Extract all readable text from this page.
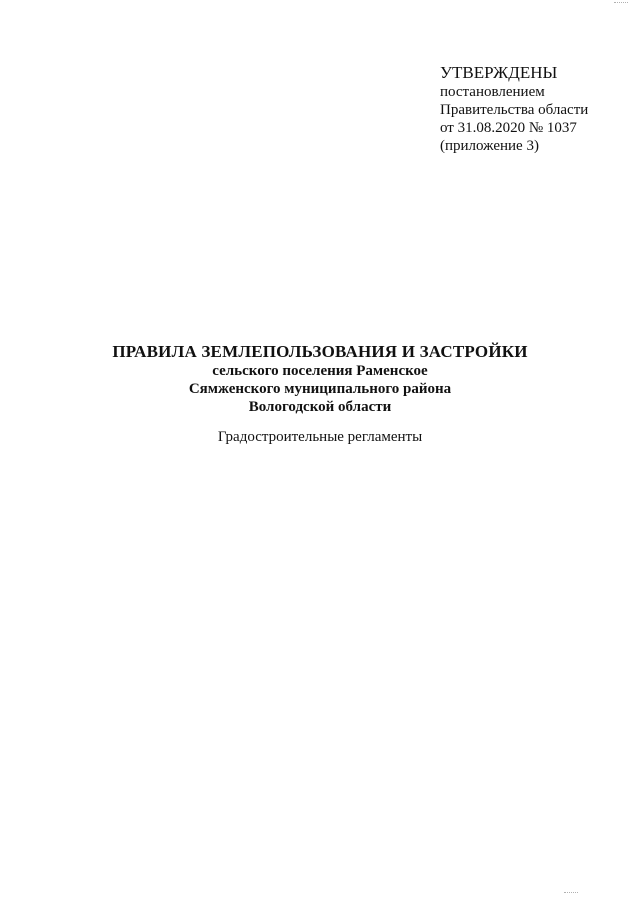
УТВЕРЖДЕНЫ
постановлением
Правительства области
от 31.08.2020 № 1037
(приложение 3)
ПРАВИЛА ЗЕМЛЕПОЛЬЗОВАНИЯ И ЗАСТРОЙКИ
сельского поселения Раменское
Сямженского муниципального района
Вологодской области
Градостроительные регламенты
